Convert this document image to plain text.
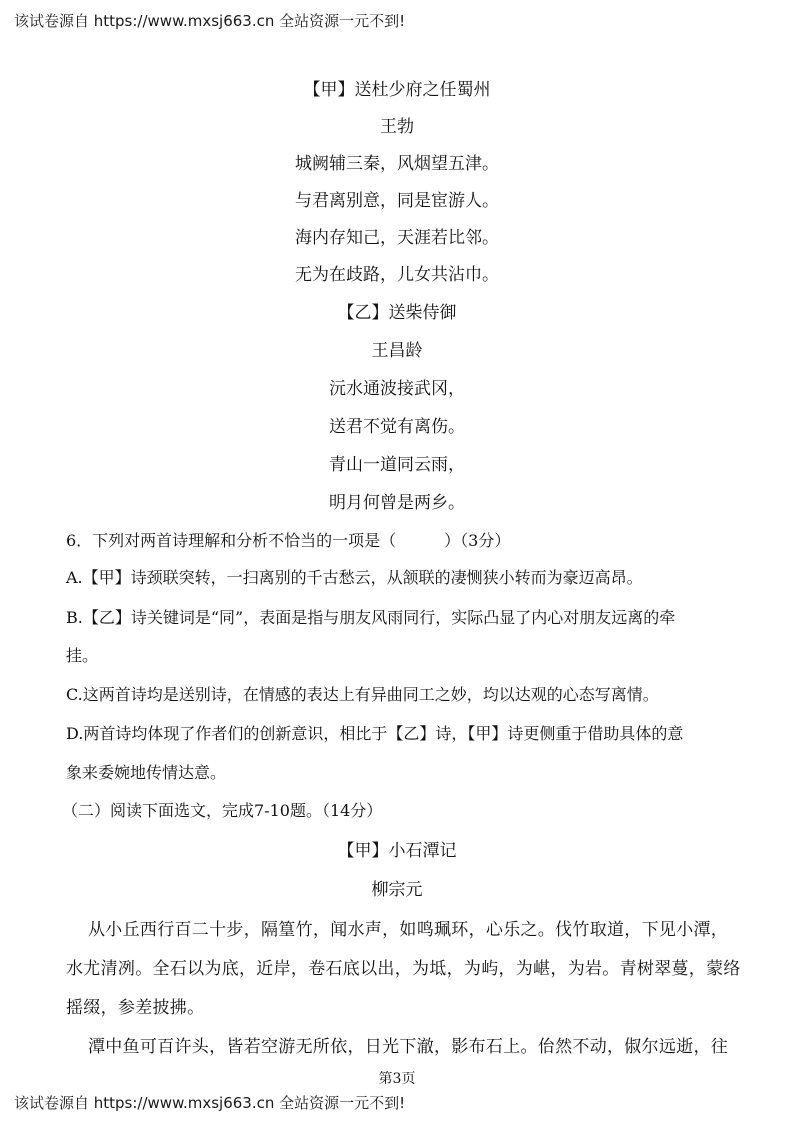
该试卷源自 https://www.mxsj663.cn 全站资源一元不到!
【甲】送杜少府之任蜀州
王勃
城阙辅三秦，风烟望五津。
与君离别意，同是宦游人。
海内存知己，天涯若比邻。
无为在歧路，儿女共沾巾。
【乙】送柴侍御
王昌龄
沅水通波接武冈，
送君不觉有离伤。
青山一道同云雨，
明月何曾是两乡。
6．下列对两首诗理解和分析不恰当的一项是（　　　）（3分）
A.【甲】诗颈联突转，一扫离别的千古愁云，从颔联的凄恻狭小转而为豪迈高昂。
B.【乙】诗关键词是“同”，表面是指与朋友风雨同行，实际凸显了内心对朋友远离的牵
挂。
C.这两首诗均是送别诗，在情感的表达上有异曲同工之妙，均以达观的心态写离情。
D.两首诗均体现了作者们的创新意识，相比于【乙】诗，【甲】诗更侧重于借助具体的意
象来委婉地传情达意。
（二）阅读下面选文，完成7-10题。（14分）
【甲】小石潭记
柳宗元
从小丘西行百二十步，隔篁竹，闻水声，如鸣珮环，心乐之。伐竹取道，下见小潭，
水尤清冽。全石以为底，近岸，卷石底以出，为坻，为屿，为嵁，为岩。青树翠蔓，蒙络
摇缀，参差披拂。
潭中鱼可百许头，皆若空游无所依，日光下澈，影布石上。佁然不动，俶尔远逝，往
第3页
该试卷源自 https://www.mxsj663.cn 全站资源一元不到!
